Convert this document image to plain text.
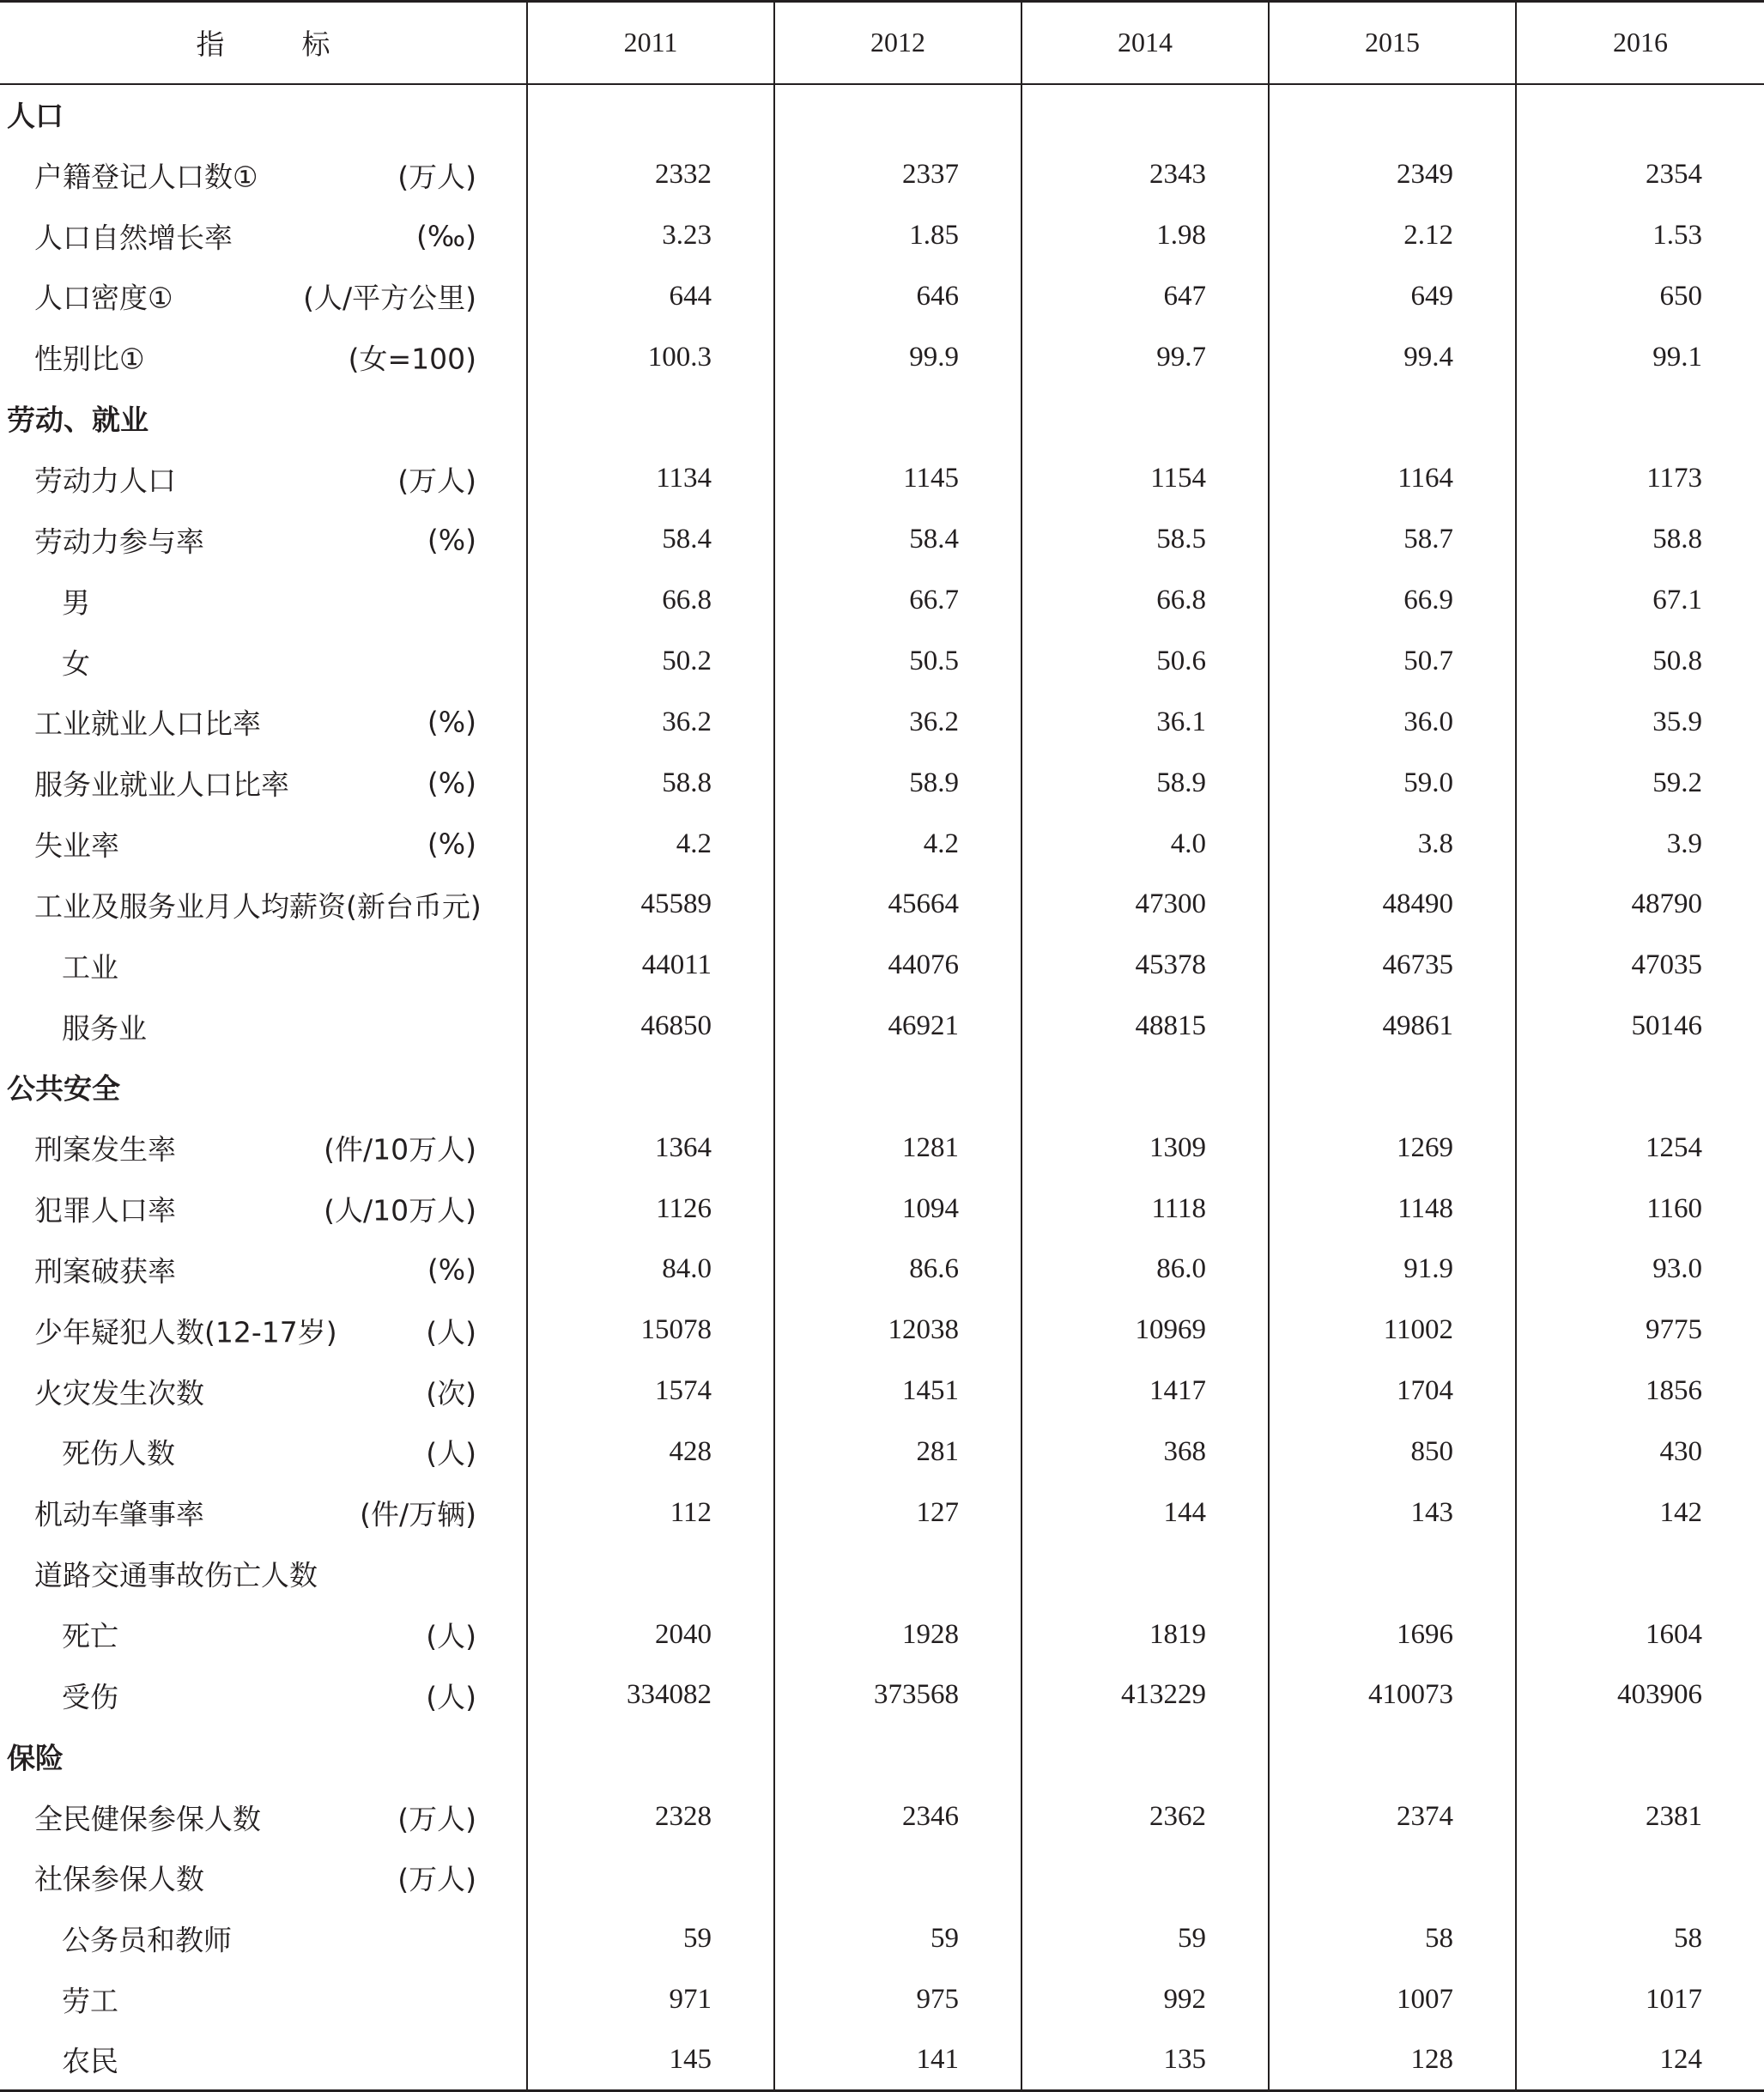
指 标	2011	2012	2014	2015	2016

人口					

户籍登记人口数① (万人)	2332	2337	2343	2349	2354

人口自然增长率 (‰)	3.23	1.85	1.98	2.12	1.53

人口密度① (人/平方公里)	644	646	647	649	650

性别比① (女=100)	100.3	99.9	99.7	99.4	99.1

劳动、就业					

劳动力人口 (万人)	1134	1145	1154	1164	1173

劳动力参与率 (%)	58.4	58.4	58.5	58.7	58.8

男	66.8	66.7	66.8	66.9	67.1

女	50.2	50.5	50.6	50.7	50.8

工业就业人口比率 (%)	36.2	36.2	36.1	36.0	35.9

服务业就业人口比率 (%)	58.8	58.9	58.9	59.0	59.2

失业率 (%)	4.2	4.2	4.0	3.8	3.9

工业及服务业月人均薪资(新台币元)	45589	45664	47300	48490	48790

工业	44011	44076	45378	46735	47035

服务业	46850	46921	48815	49861	50146

公共安全					

刑案发生率 (件/10万人)	1364	1281	1309	1269	1254

犯罪人口率 (人/10万人)	1126	1094	1118	1148	1160

刑案破获率 (%)	84.0	86.6	86.0	91.9	93.0

少年疑犯人数(12-17岁) (人)	15078	12038	10969	11002	9775

火灾发生次数 (次)	1574	1451	1417	1704	1856

死伤人数 (人)	428	281	368	850	430

机动车肇事率 (件/万辆)	112	127	144	143	142

道路交通事故伤亡人数					

死亡 (人)	2040	1928	1819	1696	1604

受伤 (人)	334082	373568	413229	410073	403906

保险					

全民健保参保人数 (万人)	2328	2346	2362	2374	2381

社保参保人数 (万人)					

公务员和教师	59	59	59	58	58

劳工	971	975	992	1007	1017

农民	145	141	135	128	124
